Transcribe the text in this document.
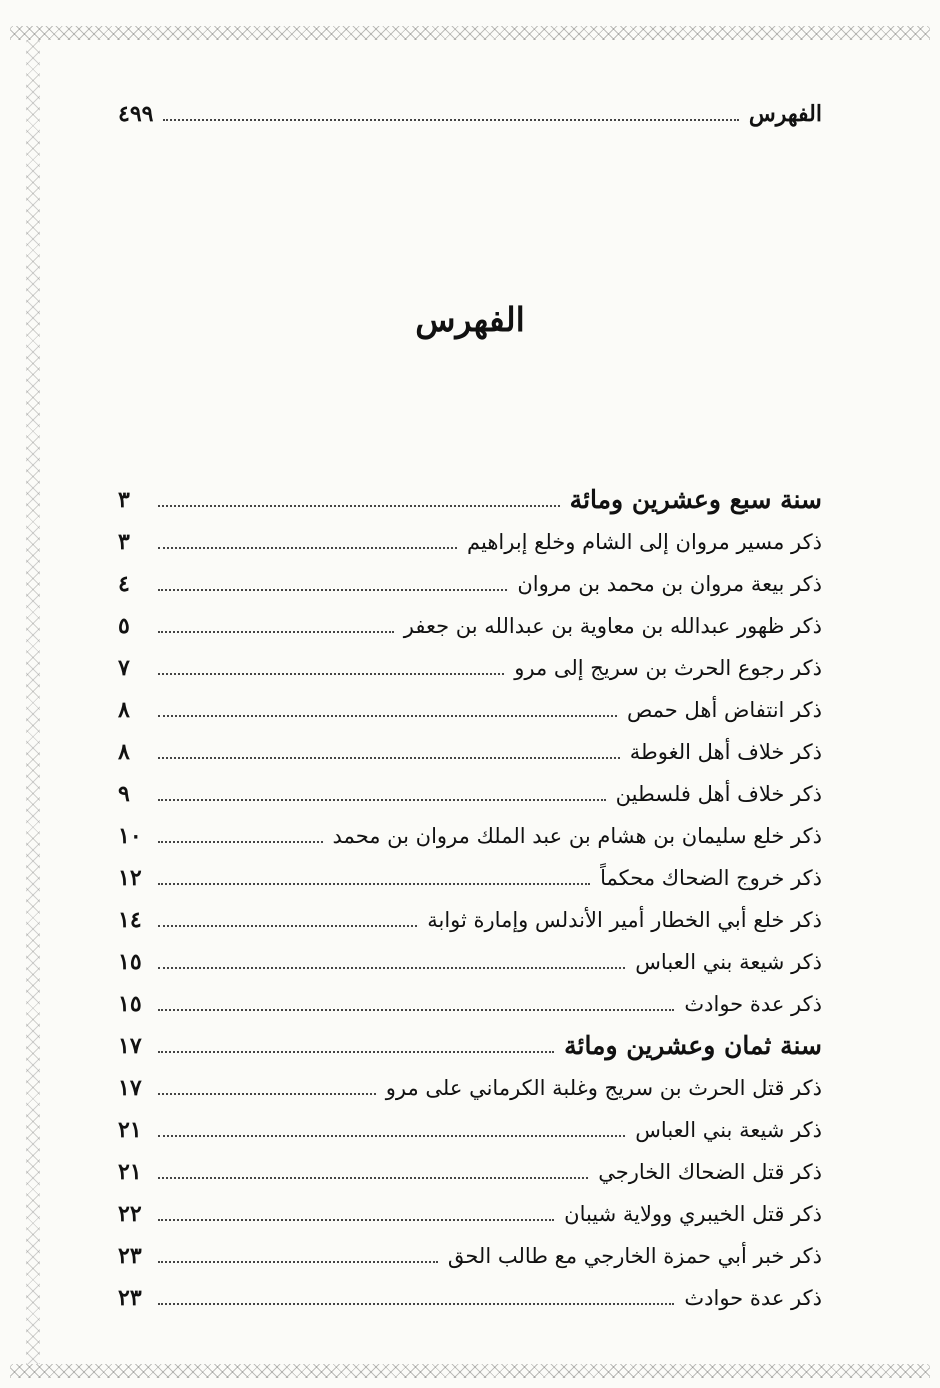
الفهرس
٤٩٩
الفهرس
سنة سبع وعشرين ومائة
٣
ذكر مسير مروان إلى الشام وخلع إبراهيم
٣
ذكر بيعة مروان بن محمد بن مروان
٤
ذكر ظهور عبدالله بن معاوية بن عبدالله بن جعفر
٥
ذكر رجوع الحرث بن سريج إلى مرو
٧
ذكر انتفاض أهل حمص
٨
ذكر خلاف أهل الغوطة
٨
ذكر خلاف أهل فلسطين
٩
ذكر خلع سليمان بن هشام بن عبد الملك مروان بن محمد
١٠
ذكر خروج الضحاك محكماً
١٢
ذكر خلع أبي الخطار أمير الأندلس وإمارة ثوابة
١٤
ذكر شيعة بني العباس
١٥
ذكر عدة حوادث
١٥
سنة ثمان وعشرين ومائة
١٧
ذكر قتل الحرث بن سريج وغلبة الكرماني على مرو
١٧
ذكر شيعة بني العباس
٢١
ذكر قتل الضحاك الخارجي
٢١
ذكر قتل الخيبري وولاية شيبان
٢٢
ذكر خبر أبي حمزة الخارجي مع طالب الحق
٢٣
ذكر عدة حوادث
٢٣
